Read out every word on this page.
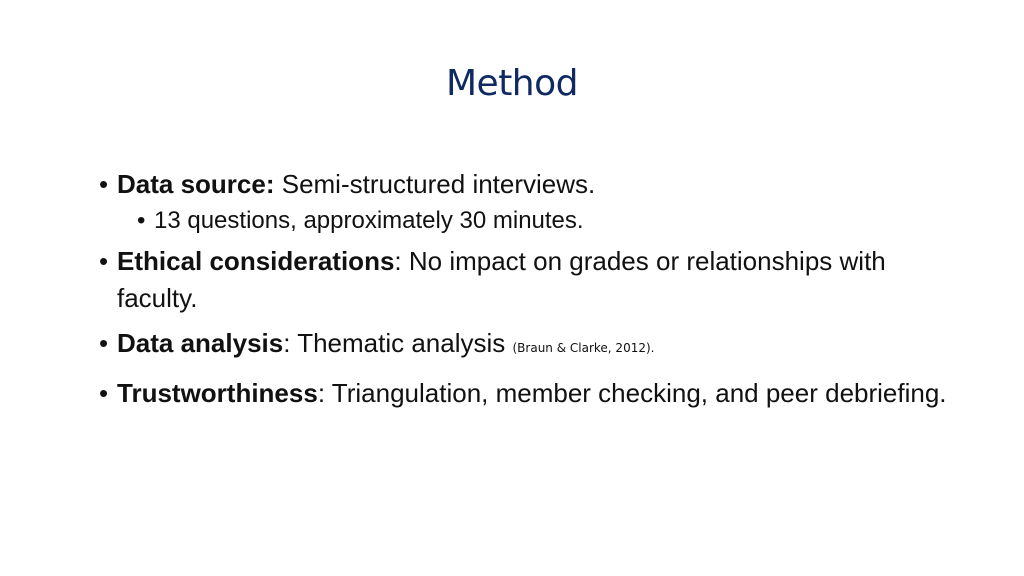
Method
• Data source: Semi-structured interviews.
• 13 questions, approximately 30 minutes.
• Ethical considerations: No impact on grades or relationships with faculty.
• Data analysis: Thematic analysis (Braun & Clarke, 2012).
• Trustworthiness: Triangulation, member checking, and peer debriefing.
